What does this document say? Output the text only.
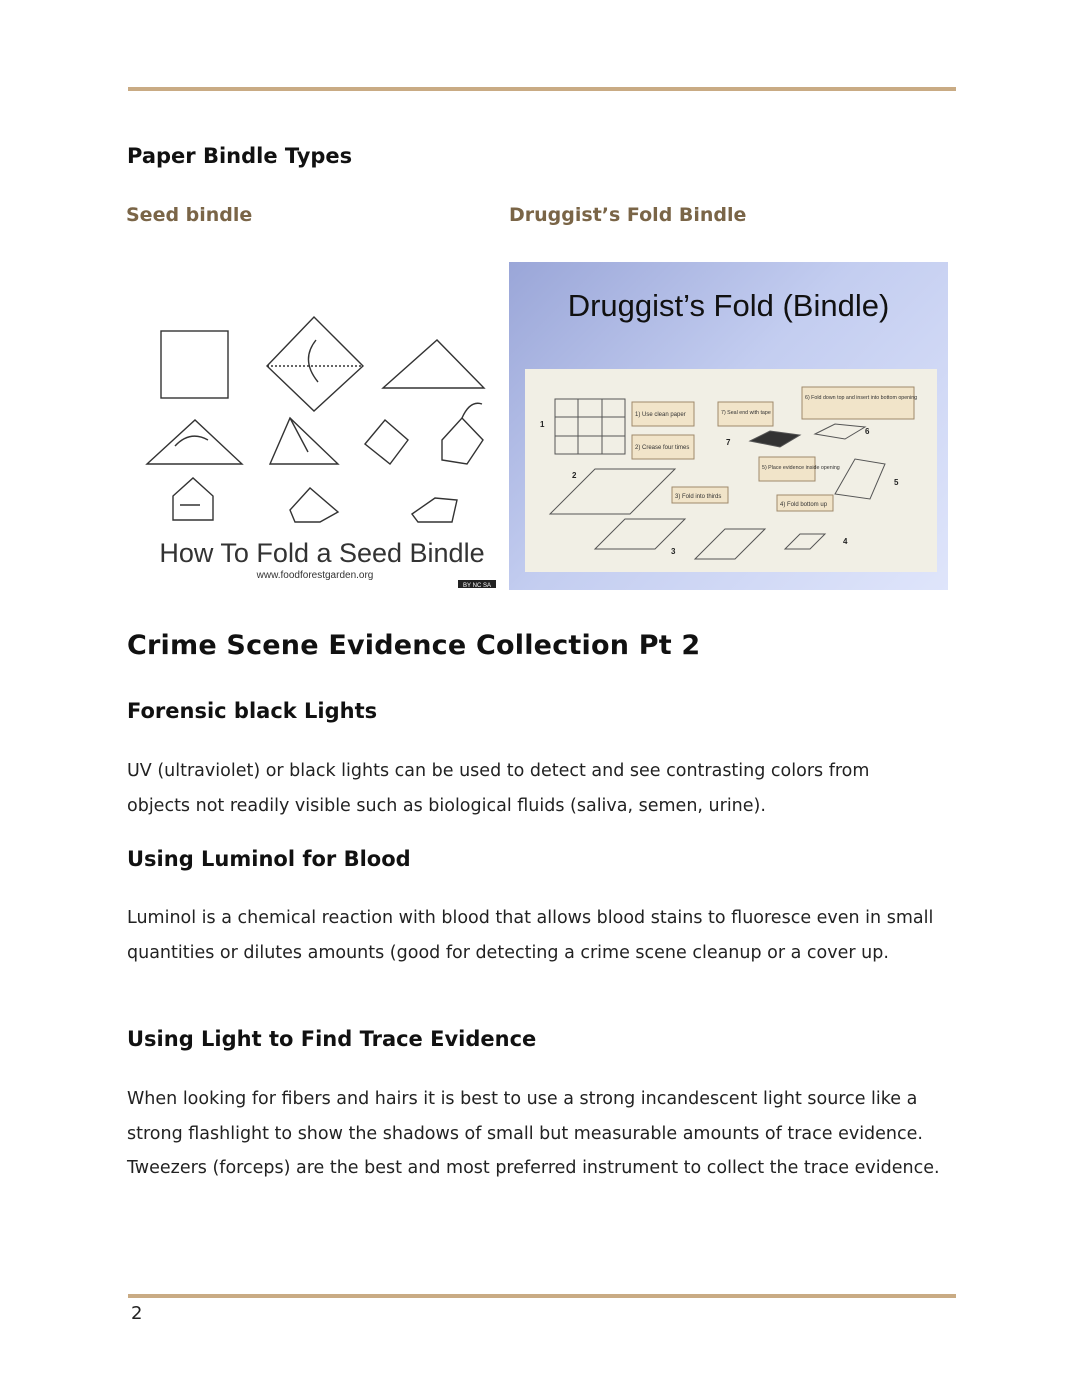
Paper Bindle Types
Seed bindle	Druggist’s Fold Bindle
How To Fold a Seed Bindle
www.foodforestgarden.org
BY NC SA
Druggist’s Fold (Bindle)
1) Use clean paper
2) Crease four times
3) Fold into thirds
4) Fold bottom up
5) Place evidence inside opening
6) Fold down top and insert into bottom opening
7) Seal end with tape
1
2
3
4
5
6
7
Crime Scene Evidence Collection Pt 2
Forensic black Lights

UV (ultraviolet) or black lights can be used to detect and see contrasting colors from objects not readily visible such as biological fluids (saliva, semen, urine).

Using Luminol for Blood

Luminol is a chemical reaction with blood that allows blood stains to fluoresce even in small quantities or dilutes amounts (good for detecting a crime scene cleanup or a cover up.

Using Light to Find Trace Evidence

When looking for fibers and hairs it is best to use a strong incandescent light source like a strong flashlight to show the shadows of small but measurable amounts of trace evidence. Tweezers (forceps) are the best and most preferred instrument to collect the trace evidence.

2
